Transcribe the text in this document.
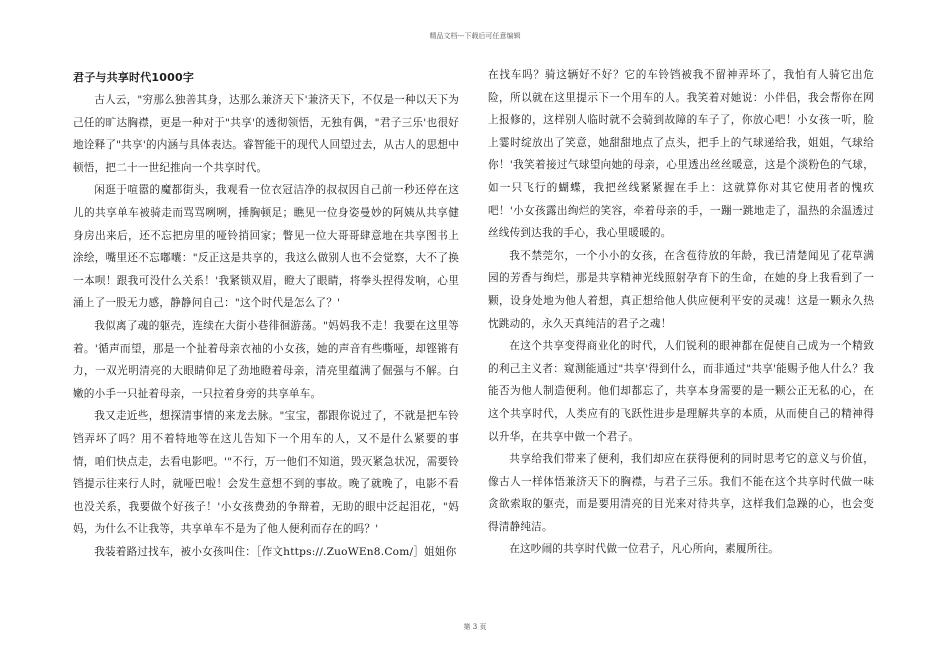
精品文档---下载后可任意编辑
君子与共享时代1000字

古人云，"穷那么独善其身，达那么兼济天下'兼济天下，不仅是一种以天下为己任的旷达胸襟，更是一种对于"共享'的透彻领悟，无独有偶，"君子三乐'也很好地诠释了"共享'的内涵与具体表达。睿智能干的现代人回望过去，从古人的思想中顿悟，把二十一世纪推向一个共享时代。

闲逛于喧嚣的魔都街头，我观看一位衣冠洁净的叔叔因自己前一秒还停在这儿的共享单车被骑走而骂骂咧咧，捶胸顿足；瞧见一位身姿曼妙的阿姨从共享健身房出来后，还不忘把房里的哑铃捎回家；瞥见一位大哥哥肆意地在共享图书上涂绘，嘴里还不忘嘟囔："反正这是共享的，我这么做别人也不会觉察，大不了换一本呗！跟我可没什么关系！'我紧锁双眉，瞪大了眼睛，将拳头捏得发响，心里涌上了一股无力感，静静问自己："这个时代是怎么了？'

我似离了魂的躯壳，连续在大街小巷徘徊游荡。"妈妈我不走！我要在这里等着。'循声而望，那是一个扯着母亲衣袖的小女孩，她的声音有些嘶哑，却铿锵有力，一双光明清亮的大眼睛仰足了劲地瞪着母亲，清亮里蕴满了倔强与不解。白嫩的小手一只扯着母亲，一只拉着身旁的共享单车。

我又走近些，想探清事情的来龙去脉。"宝宝，都跟你说过了，不就是把车铃铛弄坏了吗？用不着特地等在这儿告知下一个用车的人，又不是什么紧要的事情，咱们快点走，去看电影吧。'"不行，万一他们不知道，毁灭紧急状况，需要铃铛提示往来行人时，就哑巴啦！会发生意想不到的事故。晚了就晚了，电影不看也没关系，我要做个好孩子！'小女孩费劲的争辩着，无助的眼中泛起泪花，"妈妈，为什么不让我等，共享单车不是为了他人便利而存在的吗？'

我装着路过找车，被小女孩叫住：［作文https://.ZuoWEn8.Com/］姐姐你

在找车吗？骑这辆好不好？它的车铃铛被我不留神弄坏了，我怕有人骑它出危险，所以就在这里提示下一个用车的人。我笑着对她说：小伴侣，我会帮你在网上报修的，这样别人临时就不会骑到故障的车子了，你放心吧！小女孩一听，脸上霎时绽放出了笑意，她甜甜地点了点头，把手上的气球递给我，姐姐，气球给你！'我笑着接过气球望向她的母亲，心里透出丝丝暖意，这是个淡粉色的气球，如一只飞行的蝴蝶，我把丝线紧紧握在手上：这就算你对其它使用者的愧疚吧！'小女孩露出绚烂的笑容，牵着母亲的手，一蹦一跳地走了，温热的余温透过丝线传到达我的手心，我心里暖暖的。

我不禁莞尔，一个小小的女孩，在含苞待放的年龄，我已清楚闻见了花草满园的芳香与绚烂，那是共享精神光线照射孕育下的生命，在她的身上我看到了一颗，设身处地为他人着想，真正想给他人供应便利平安的灵魂！这是一颗永久热忱跳动的，永久天真纯洁的君子之魂！

在这个共享变得商业化的时代，人们锐利的眼神都在促使自己成为一个精致的利己主义者：窥测能通过"共享'得到什么，而非通过"共享'能赐予他人什么？我能否为他人制造便利。他们却都忘了，共享本身需要的是一颗公正无私的心，在这个共享时代，人类应有的飞跃性进步是理解共享的本质，从而使自己的精神得以升华，在共享中做一个君子。

共享给我们带来了便利，我们却应在获得便利的同时思考它的意义与价值，像古人一样体悟兼济天下的胸襟，与君子三乐。我们不能在这个共享时代做一味贪欲索取的躯壳，而是要用清亮的目光来对待共享，这样我们急躁的心，也会变得清静纯洁。

在这吵闹的共享时代做一位君子，凡心所向，素履所往。

第 3 页
